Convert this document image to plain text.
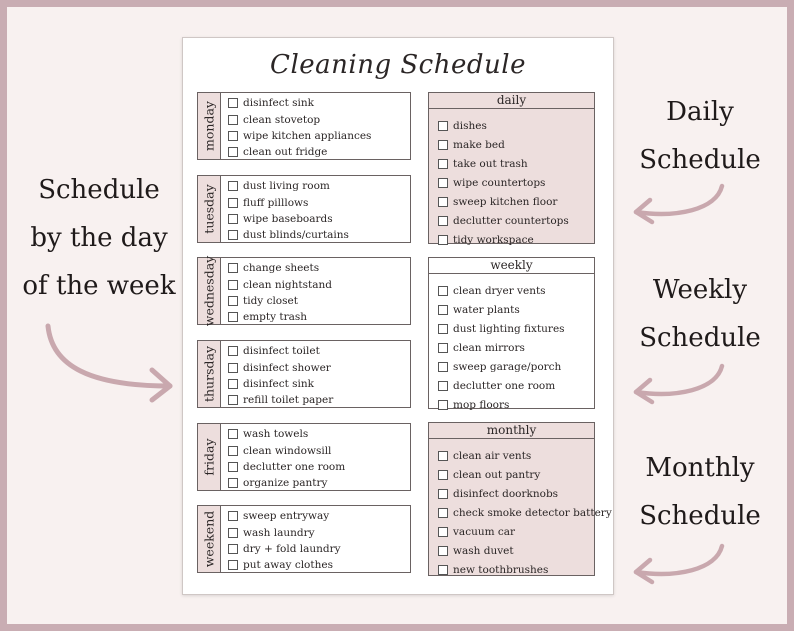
Cleaning Schedule
monday	disinfect sink
clean stovetop
wipe kitchen appliances
clean out fridge
tuesday	dust living room
fluff pilllows
wipe baseboards
dust blinds/curtains
wednesday	change sheets
clean nightstand
tidy closet
empty trash
thursday	disinfect toilet
disinfect shower
disinfect sink
refill toilet paper
friday
wash towels
clean windowsill
declutter one room
organize pantry
weekend	sweep entryway
wash laundry
dry + fold laundry
put away clothes
daily
dishes
make bed
take out trash
wipe countertops
sweep kitchen floor
declutter countertops
tidy workspace
weekly
clean dryer vents
water plants
dust lighting fixtures
clean mirrors
sweep garage/porch
declutter one room
mop floors
monthly
clean air vents
clean out pantry
disinfect doorknobs
check smoke detector battery
vacuum car
wash duvet
new toothbrushes
Schedule
by the day
of the week
Daily
Schedule
Weekly
Schedule
Monthly
Schedule
